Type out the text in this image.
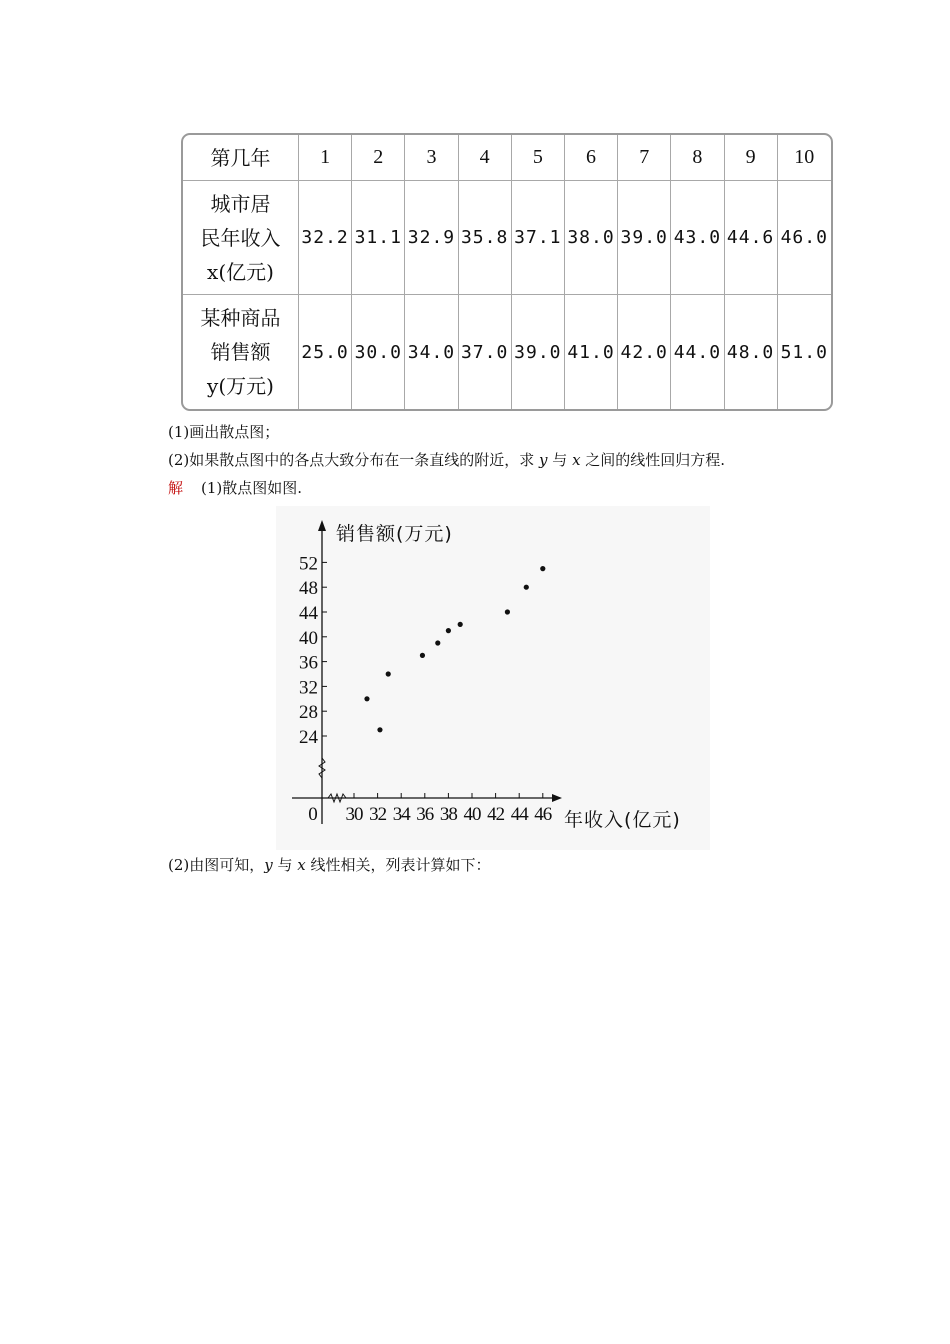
第几年	1	2	3	4	5	6	7	8	9	10

城市居
民年收入
x(亿元)	32.2	31.1	32.9	35.8	37.1	38.0	39.0	43.0	44.6	46.0

某种商品
销售额
y(万元)	25.0	30.0	34.0	37.0	39.0	41.0	42.0	44.0	48.0	51.0
(1)画出散点图；
(2)如果散点图中的各点大致分布在一条直线的附近，求 y 与 x 之间的线性回归方程.
解 (1)散点图如图.
24
28
32
36
40
44
48
52
30 32 34 36 38 40 42 44 46
0
销售额(万元)
年收入(亿元)
(2)由图可知，y 与 x 线性相关，列表计算如下：
